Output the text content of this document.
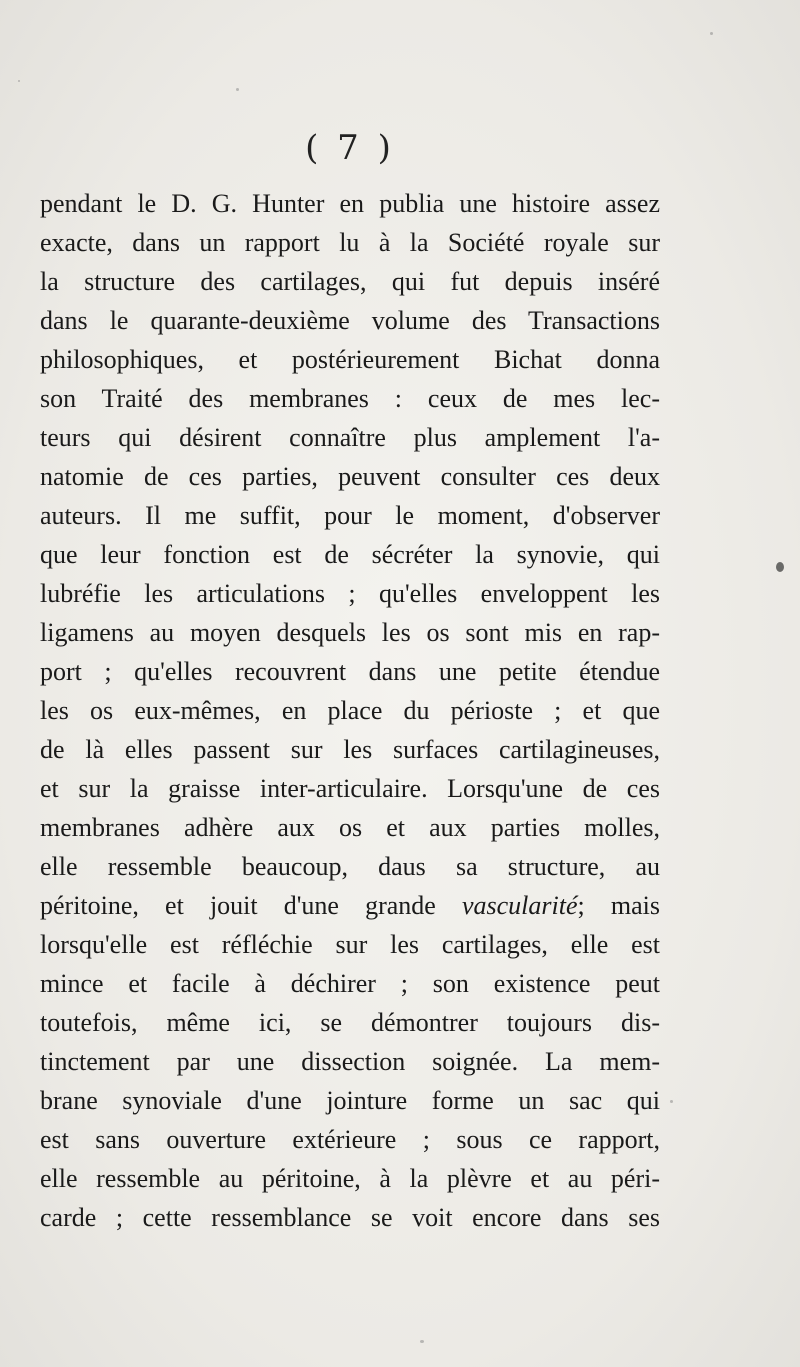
( 7 )
pendant le D. G. Hunter en publia une histoire assez
exacte, dans un rapport lu à la Société royale sur
la structure des cartilages, qui fut depuis inséré
dans le quarante-deuxième volume des Transactions
philosophiques, et postérieurement Bichat donna
son Traité des membranes : ceux de mes lec-
teurs qui désirent connaître plus amplement l'a-
natomie de ces parties, peuvent consulter ces deux
auteurs. Il me suffit, pour le moment, d'observer
que leur fonction est de sécréter la synovie, qui
lubréfie les articulations ; qu'elles enveloppent les
ligamens au moyen desquels les os sont mis en rap-
port ; qu'elles recouvrent dans une petite étendue
les os eux-mêmes, en place du périoste ; et que
de là elles passent sur les surfaces cartilagineuses,
et sur la graisse inter-articulaire. Lorsqu'une de ces
membranes adhère aux os et aux parties molles,
elle ressemble beaucoup, daus sa structure, au
péritoine, et jouit d'une grande vascularité; mais
lorsqu'elle est réfléchie sur les cartilages, elle est
mince et facile à déchirer ; son existence peut
toutefois, même ici, se démontrer toujours dis-
tinctement par une dissection soignée. La mem-
brane synoviale d'une jointure forme un sac qui
est sans ouverture extérieure ; sous ce rapport,
elle ressemble au péritoine, à la plèvre et au péri-
carde ; cette ressemblance se voit encore dans ses
